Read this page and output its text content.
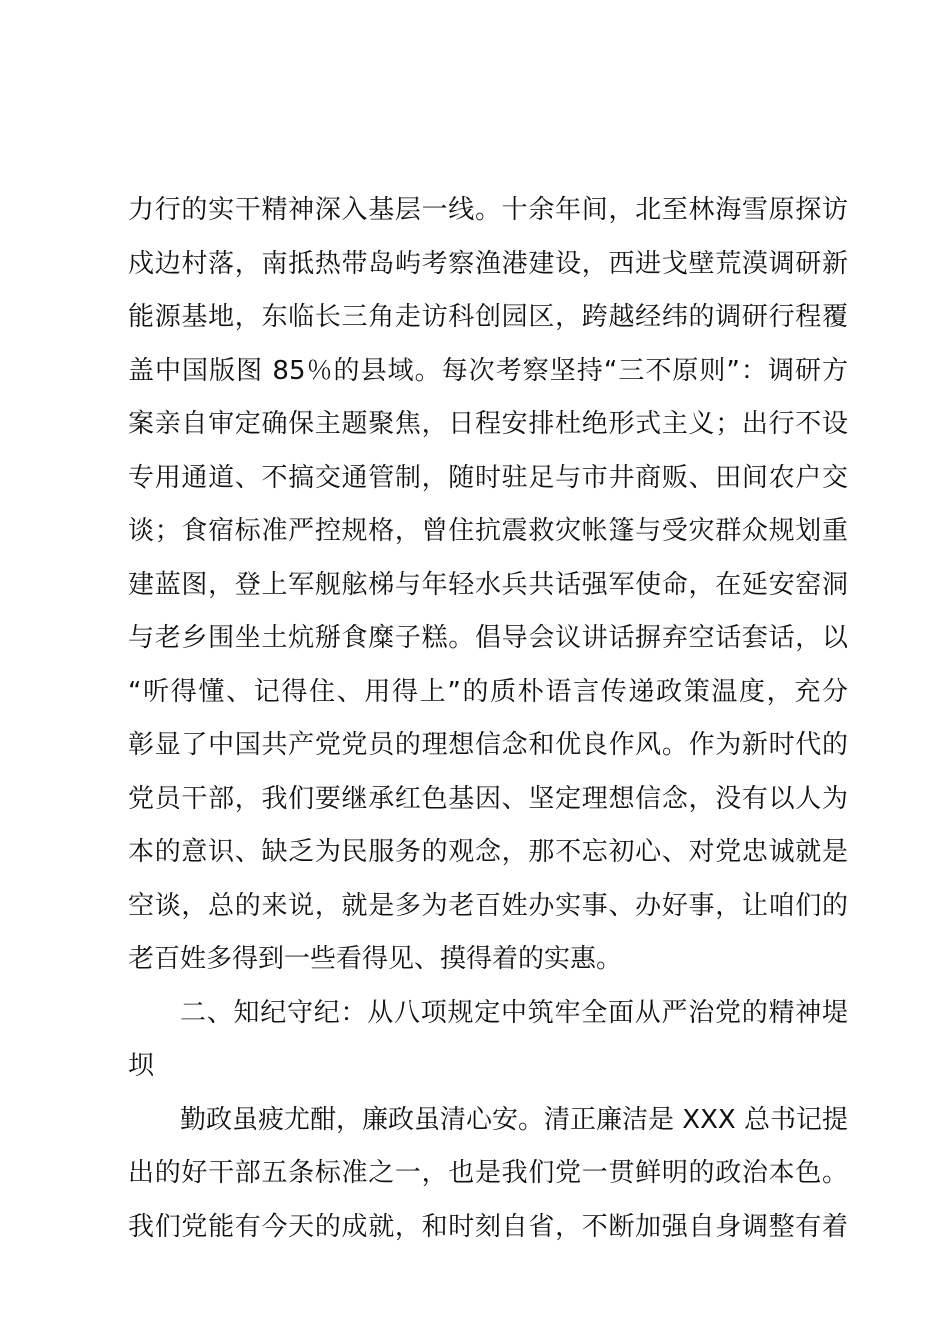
力行的实干精神深入基层一线。十余年间，北至林海雪原探访
戍边村落，南抵热带岛屿考察渔港建设，西进戈壁荒漠调研新
能源基地，东临长三角走访科创园区，跨越经纬的调研行程覆
盖中国版图 85％的县域。每次考察坚持“三不原则”：调研方
案亲自审定确保主题聚焦，日程安排杜绝形式主义；出行不设
专用通道、不搞交通管制，随时驻足与市井商贩、田间农户交
谈；食宿标准严控规格，曾住抗震救灾帐篷与受灾群众规划重
建蓝图，登上军舰舷梯与年轻水兵共话强军使命，在延安窑洞
与老乡围坐土炕掰食糜子糕。倡导会议讲话摒弃空话套话，以
“听得懂、记得住、用得上”的质朴语言传递政策温度，充分
彰显了中国共产党党员的理想信念和优良作风。作为新时代的
党员干部，我们要继承红色基因、坚定理想信念，没有以人为
本的意识、缺乏为民服务的观念，那不忘初心、对党忠诚就是
空谈，总的来说，就是多为老百姓办实事、办好事，让咱们的
老百姓多得到一些看得见、摸得着的实惠。
二、知纪守纪：从八项规定中筑牢全面从严治党的精神堤
坝
勤政虽疲尤酣，廉政虽清心安。清正廉洁是 XXX 总书记提
出的好干部五条标准之一，也是我们党一贯鲜明的政治本色。
我们党能有今天的成就，和时刻自省，不断加强自身调整有着
